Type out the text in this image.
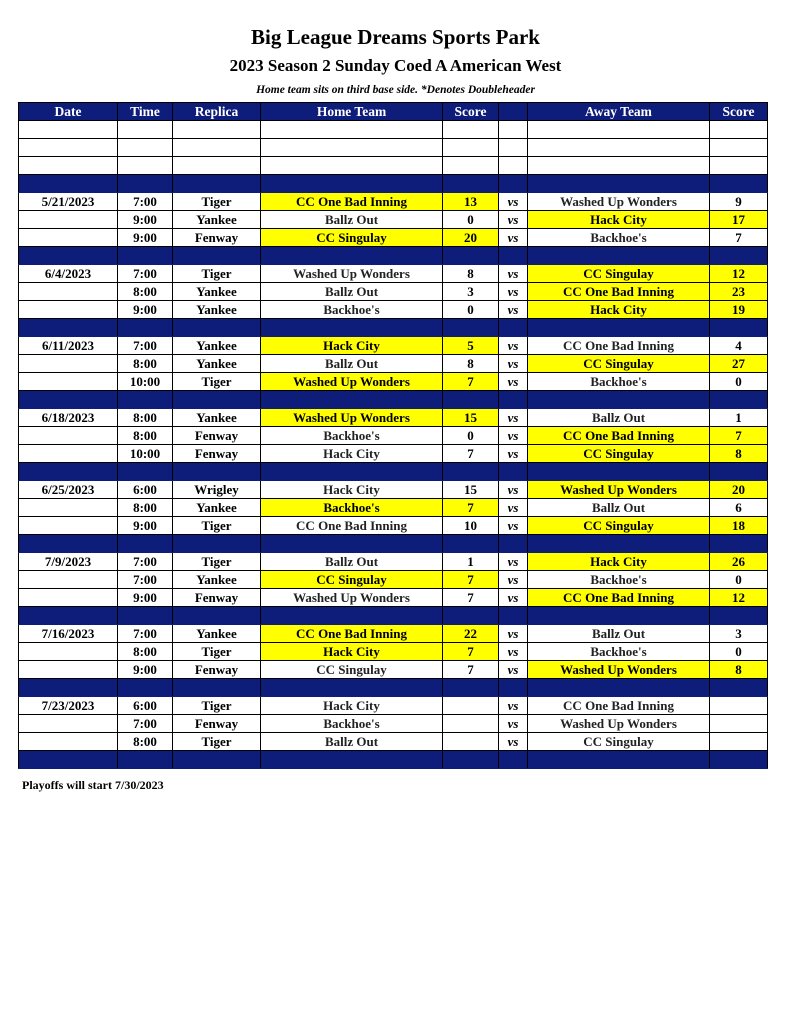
Big League Dreams Sports Park
2023 Season 2 Sunday Coed A American West
Home team sits on third base side. *Denotes Doubleheader
Date	Time	Replica	Home Team	Score		Away Team	Score

5/21/2023	7:00	Tiger	CC One Bad Inning	13	vs	Washed Up Wonders	9
	9:00	Yankee	Ballz Out	0	vs	Hack City	17
	9:00	Fenway	CC Singulay	20	vs	Backhoe's	7

6/4/2023	7:00	Tiger	Washed Up Wonders	8	vs	CC Singulay	12
	8:00	Yankee	Ballz Out	3	vs	CC One Bad Inning	23
	9:00	Yankee	Backhoe's	0	vs	Hack City	19

6/11/2023	7:00	Yankee	Hack City	5	vs	CC One Bad Inning	4
	8:00	Yankee	Ballz Out	8	vs	CC Singulay	27
	10:00	Tiger	Washed Up Wonders	7	vs	Backhoe's	0

6/18/2023	8:00	Yankee	Washed Up Wonders	15	vs	Ballz Out	1
	8:00	Fenway	Backhoe's	0	vs	CC One Bad Inning	7
	10:00	Fenway	Hack City	7	vs	CC Singulay	8

6/25/2023	6:00	Wrigley	Hack City	15	vs	Washed Up Wonders	20
	8:00	Yankee	Backhoe's	7	vs	Ballz Out	6
	9:00	Tiger	CC One Bad Inning	10	vs	CC Singulay	18

7/9/2023	7:00	Tiger	Ballz Out	1	vs	Hack City	26
	7:00	Yankee	CC Singulay	7	vs	Backhoe's	0
	9:00	Fenway	Washed Up Wonders	7	vs	CC One Bad Inning	12

7/16/2023	7:00	Yankee	CC One Bad Inning	22	vs	Ballz Out	3
	8:00	Tiger	Hack City	7	vs	Backhoe's	0
	9:00	Fenway	CC Singulay	7	vs	Washed Up Wonders	8

7/23/2023	6:00	Tiger	Hack City		vs	CC One Bad Inning	
	7:00	Fenway	Backhoe's		vs	Washed Up Wonders	
	8:00	Tiger	Ballz Out		vs	CC Singulay	

Playoffs will start 7/30/2023
